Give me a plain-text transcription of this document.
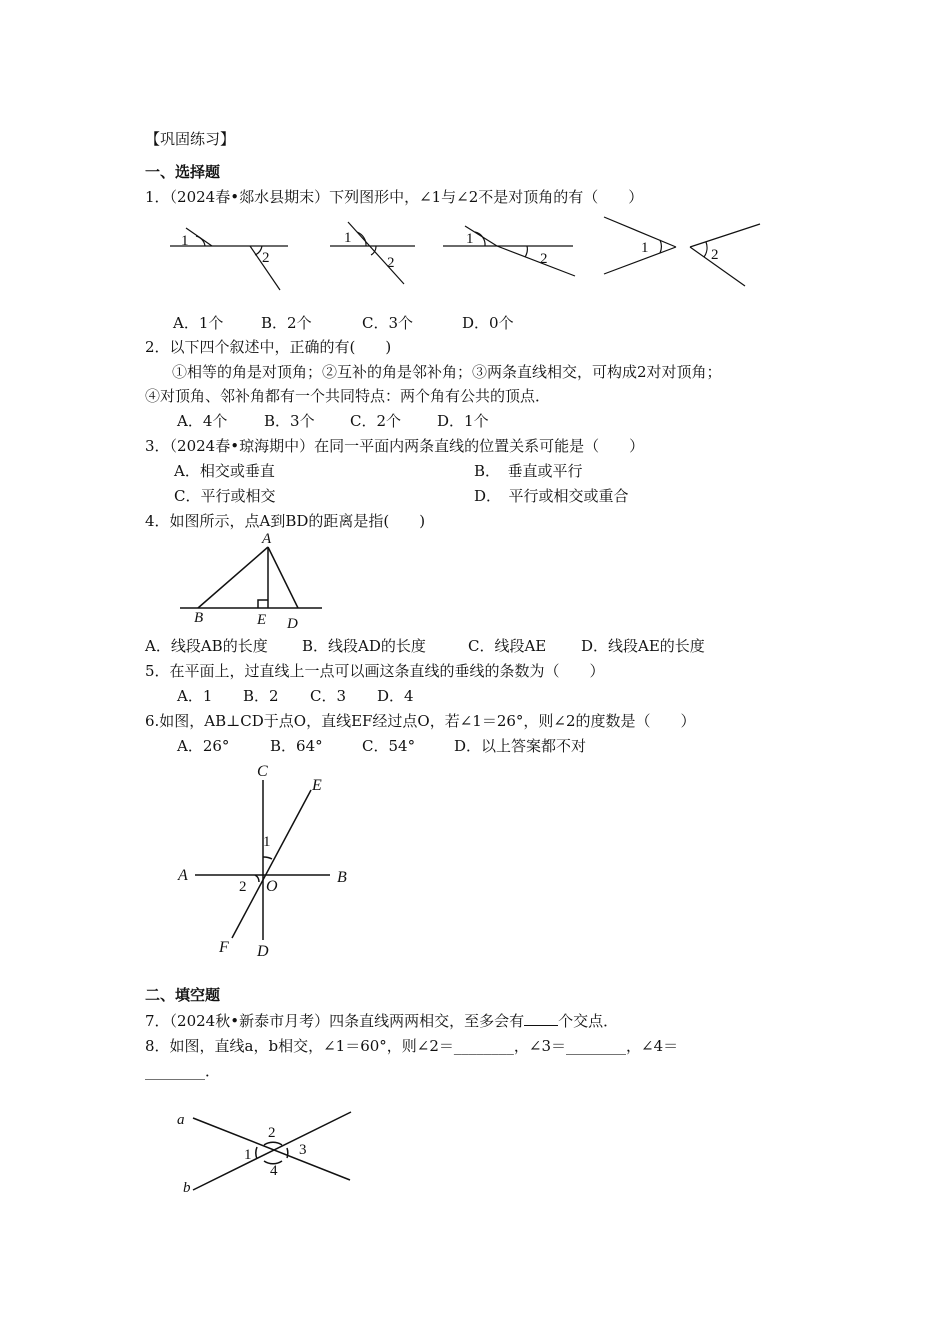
【巩固练习】
一、选择题
1．（2024春•郯水县期末）下列图形中，∠1与∠2不是对顶角的有（　　）
1
2
1
2
1
2
1	2
A．1个	B．2个	C．3个	D．0个
2．以下四个叙述中，正确的有(　　)
①相等的角是对顶角；②互补的角是邻补角；③两条直线相交，可构成2对对顶角；
④对顶角、邻补角都有一个共同特点：两个角有公共的顶点．
A．4个 B．3个 C．2个 D．1个
3．（2024春•琼海期中）在同一平面内两条直线的位置关系可能是（　　）
A．相交或垂直	B．　垂直或平行
C．平行或相交	D．　平行或相交或重合
4．如图所示，点A到BD的距离是指(　　)
A
B	E D
A．线段AB的长度 B．线段AD的长度	C．线段AE D．线段AE的长度
5．在平面上，过直线上一点可以画这条直线的垂线的条数为（　　）
A．1 B．2 C．3 D．4
6.如图，AB⊥CD于点O，直线EF经过点O，若∠1＝26°，则∠2的度数是（　　）
A．26°	B．64°	C．54°	D．以上答案都不对
C
E
A	B
O
F D
1
2
二、填空题
7．（2024秋•新泰市月考）四条直线两两相交，至多会有 个交点．
8．如图，直线a，b相交，∠1＝60°，则∠2＝________，∠3＝________，∠4＝
________．
a
b
1
2
3
4
